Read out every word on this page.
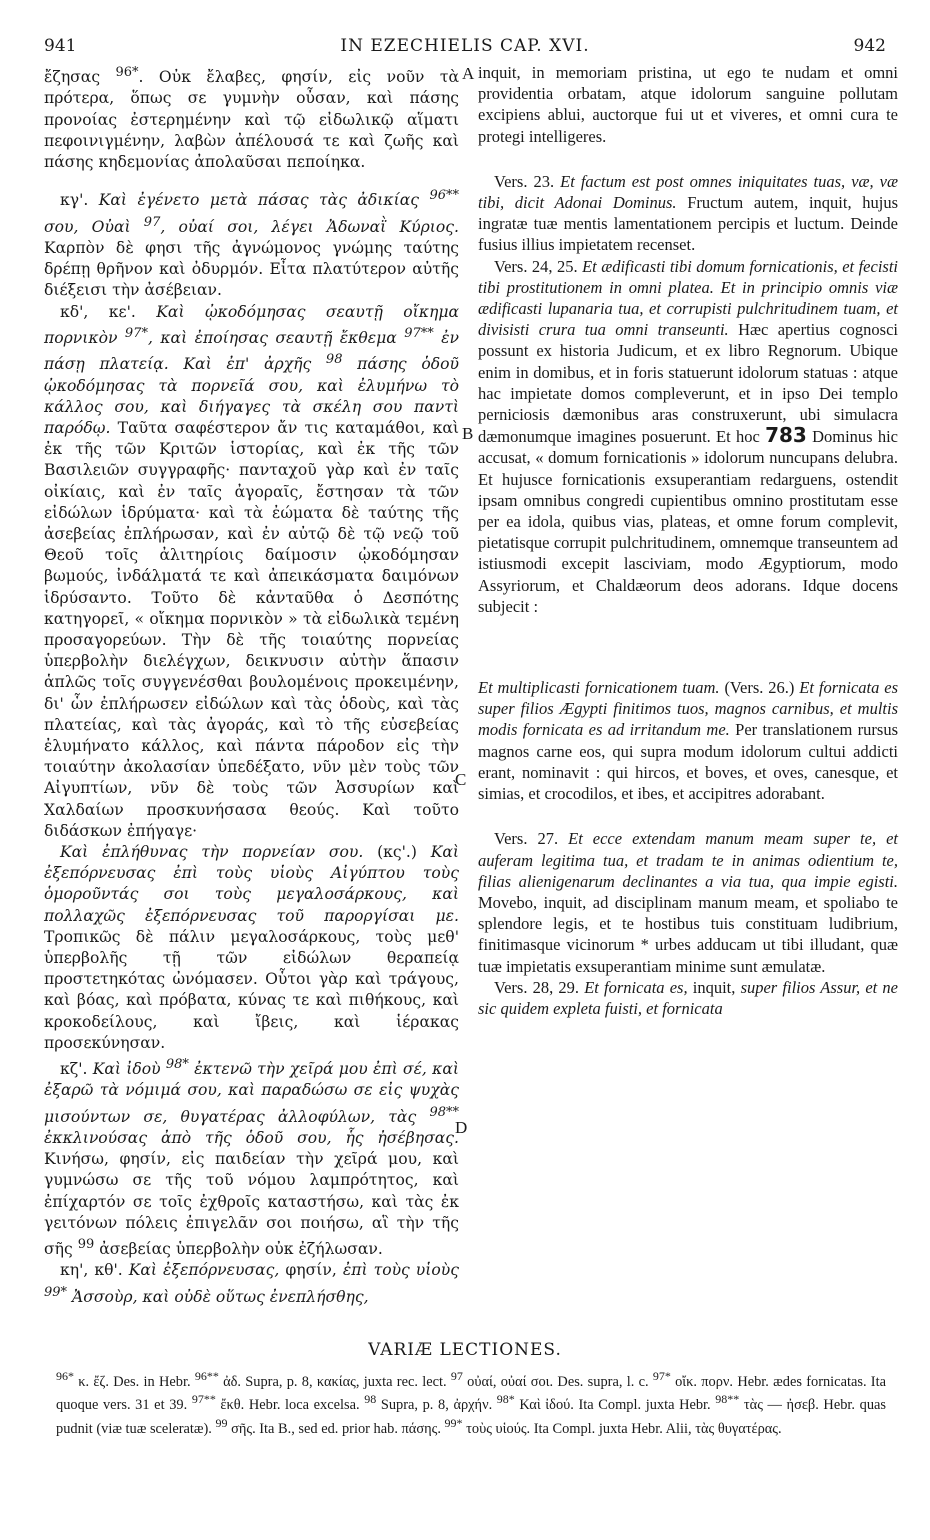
941	IN EZECHIELIS CAP. XVI.	942
A
B
C
D

ἔζησας $^{96*}$. Οὐκ ἔλαβες, φησίν, εἰς νοῦν τὰ πρότερα, ὅπως σε γυμνὴν οὖσαν, καὶ πάσης προνοίας ἐστερημένην καὶ τῷ εἰδωλικῷ αἵματι πεφοινιγμένην, λαβὼν ἀπέλουσά τε καὶ ζωῆς καὶ πάσης κηδεμονίας ἀπολαῦσαι πεποίηκα.

κγ'. Καὶ ἐγένετο μετὰ πάσας τὰς ἀδικίας $^{96**}$ σου, Οὐαὶ $^{97}$, οὐαί σοι, λέγει Ἀδωναῒ Κύριος. Καρπὸν δὲ φησι τῆς ἀγνώμονος γνώμης ταύτης δρέπῃ θρῆνον καὶ ὀδυρμόν. Εἶτα πλατύτερον αὐτῆς διέξεισι τὴν ἀσέβειαν.

κδ', κε'. Καὶ ᾠκοδόμησας σεαυτῇ οἴκημα πορνικὸν $^{97*}$, καὶ ἐποίησας σεαυτῇ ἔκθεμα $^{97**}$ ἐν πάσῃ πλατείᾳ. Καὶ ἐπ' ἀρχῆς $^{98}$ πάσης ὁδοῦ ᾠκοδόμησας τὰ πορνεῖά σου, καὶ ἐλυμήνω τὸ κάλλος σου, καὶ διήγαγες τὰ σκέλη σου παντὶ παρόδῳ. Ταῦτα σαφέστερον ἄν τις καταμάθοι, καὶ ἐκ τῆς τῶν Κριτῶν ἱστορίας, καὶ ἐκ τῆς τῶν Βασιλειῶν συγγραφῆς· πανταχοῦ γὰρ καὶ ἐν ταῖς οἰκίαις, καὶ ἐν ταῖς ἀγοραῖς, ἔστησαν τὰ τῶν εἰδώλων ἱδρύματα· καὶ τὰ ἐώματα δὲ ταύτης τῆς ἀσεβείας ἐπλήρωσαν, καὶ ἐν αὐτῷ δὲ τῷ νεῷ τοῦ Θεοῦ τοῖς ἀλιτηρίοις δαίμοσιν ᾠκοδόμησαν βωμούς, ἰνδάλματά τε καὶ ἀπεικάσματα δαιμόνων ἱδρύσαντο. Τοῦτο δὲ κἀνταῦθα ὁ Δεσπότης κατηγορεῖ, « οἴκημα πορνικὸν » τὰ εἰδωλικὰ τεμένη προσαγορεύων. Τὴν δὲ τῆς τοιαύτης πορνείας ὑπερβολὴν διελέγχων, δεικνυσιν αὐτὴν ἅπασιν ἁπλῶς τοῖς συγγενέσθαι βουλομένοις προκειμένην, δι' ὧν ἐπλήρωσεν εἰδώλων καὶ τὰς ὁδοὺς, καὶ τὰς πλατείας, καὶ τὰς ἀγοράς, καὶ τὸ τῆς εὐσεβείας ἐλυμήνατο κάλλος, καὶ πάντα πάροδον εἰς τὴν τοιαύτην ἀκολασίαν ὑπεδέξατο, νῦν μὲν τοὺς τῶν Αἰγυπτίων, νῦν δὲ τοὺς τῶν Ἀσσυρίων καὶ Χαλδαίων προσκυνήσασα θεούς. Καὶ τοῦτο διδάσκων ἐπήγαγε·

Καὶ ἐπλήθυνας τὴν πορνείαν σου. (κς'.) Καὶ ἐξεπόρνευσας ἐπὶ τοὺς υἱοὺς Αἰγύπτου τοὺς ὁμοροῦντάς σοι τοὺς μεγαλοσάρκους, καὶ πολλαχῶς ἐξεπόρνευσας τοῦ παροργίσαι με. Τροπικῶς δὲ πάλιν μεγαλοσάρκους, τοὺς μεθ' ὑπερβολῆς τῇ τῶν εἰδώλων θεραπείᾳ προστετηκότας ὠνόμασεν. Οὗτοι γὰρ καὶ τράγους, καὶ βόας, καὶ πρόβατα, κύνας τε καὶ πιθήκους, καὶ κροκοδείλους, καὶ ἴβεις, καὶ ἱέρακας προσεκύνησαν.

κζ'. Καὶ ἰδοὺ $^{98*}$ ἐκτενῶ τὴν χεῖρά μου ἐπὶ σέ, καὶ ἐξαρῶ τὰ νόμιμά σου, καὶ παραδώσω σε εἰς ψυχὰς μισούντων σε, θυγατέρας ἀλλοφύλων, τὰς $^{98**}$ ἐκκλινούσας ἀπὸ τῆς ὁδοῦ σου, ἧς ἠσέβησας. Κινήσω, φησίν, εἰς παιδείαν τὴν χεῖρά μου, καὶ γυμνώσω σε τῆς τοῦ νόμου λαμπρότητος, καὶ ἐπίχαρτόν σε τοῖς ἐχθροῖς καταστήσω, καὶ τὰς ἐκ γειτόνων πόλεις ἐπιγελᾶν σοι ποιήσω, αἳ τὴν τῆς σῆς $^{99}$ ἀσεβείας ὑπερβολὴν οὐκ ἐζήλωσαν.

κη', κθ'. Καὶ ἐξεπόρνευσας, φησίν, ἐπὶ τοὺς υἱοὺς $^{99*}$ Ἀσσοὺρ, καὶ οὐδὲ οὕτως ἐνεπλήσθης,

inquit, in memoriam pristina, ut ego te nudam et omni providentia orbatam, atque idolorum sanguine pollutam excipiens ablui, auctorque fui ut et viveres, et omni cura te protegi intelligeres.

Vers. 23. Et factum est post omnes iniquitates tuas, væ, væ tibi, dicit Adonai Dominus. Fructum autem, inquit, hujus ingratæ tuæ mentis lamentationem percipis et luctum. Deinde fusius illius impietatem recenset.

Vers. 24, 25. Et ædificasti tibi domum fornicationis, et fecisti tibi prostitutionem in omni platea. Et in principio omnis viæ ædificasti lupanaria tua, et corrupisti pulchritudinem tuam, et divisisti crura tua omni transeunti. Hæc apertius cognosci possunt ex historia Judicum, et ex libro Regnorum. Ubique enim in domibus, et in foris statuerunt idolorum statuas : atque hac impietate domos compleverunt, et in ipso Dei templo perniciosis dæmonibus aras construxerunt, ubi simulacra dæmonumque imagines posuerunt. Et hoc 783 Dominus hic accusat, « domum fornicationis » idolorum nuncupans delubra. Et hujusce fornicationis exsuperantiam redarguens, ostendit ipsam omnibus congredi cupientibus omnino prostitutam esse per ea idola, quibus vias, plateas, et omne forum complevit, pietatisque corrupit pulchritudinem, omnemque transeuntem ad istiusmodi excepit lasciviam, modo Ægyptiorum, modo Assyriorum, et Chaldæorum deos adorans. Idque docens subjecit :

Et multiplicasti fornicationem tuam. (Vers. 26.) Et fornicata es super filios Ægypti finitimos tuos, magnos carnibus, et multis modis fornicata es ad irritandum me. Per translationem rursus magnos carne eos, qui supra modum idolorum cultui addicti erant, nominavit : qui hircos, et boves, et oves, canesque, et simias, et crocodilos, et ibes, et accipitres adorabant.

Vers. 27. Et ecce extendam manum meam super te, et auferam legitima tua, et tradam te in animas odientium te, filias alienigenarum declinantes a via tua, qua impie egisti. Movebo, inquit, ad disciplinam manum meam, et spoliabo te splendore legis, et te hostibus tuis constituam ludibrium, finitimasque vicinorum * urbes adducam ut tibi illudant, quæ tuæ impietatis exsuperantiam minime sunt æmulatæ.

Vers. 28, 29. Et fornicata es, inquit, super filios Assur, et ne sic quidem expleta fuisti, et fornicata

VARIÆ LECTIONES.

$^{96*}$ κ. ἔζ. Des. in Hebr. $^{96**}$ ἀδ. Supra, p. 8, κακίας, juxta rec. lect. $^{97}$ οὐαί, οὐαί σοι. Des. supra, l. c. $^{97*}$ οἴκ. πορν. Hebr. ædes fornicatas. Ita quoque vers. 31 et 39. $^{97**}$ ἔκθ. Hebr. loca excelsa. $^{98}$ Supra, p. 8, ἀρχήν. $^{98*}$ Καὶ ἰδού. Ita Compl. juxta Hebr. $^{98**}$ τὰς — ἠσεβ. Hebr. quas pudnit (viæ tuæ sceleratæ). $^{99}$ σῆς. Ita B., sed ed. prior hab. πάσης. $^{99*}$ τοὺς υἱούς. Ita Compl. juxta Hebr. Alii, τὰς θυγατέρας.
